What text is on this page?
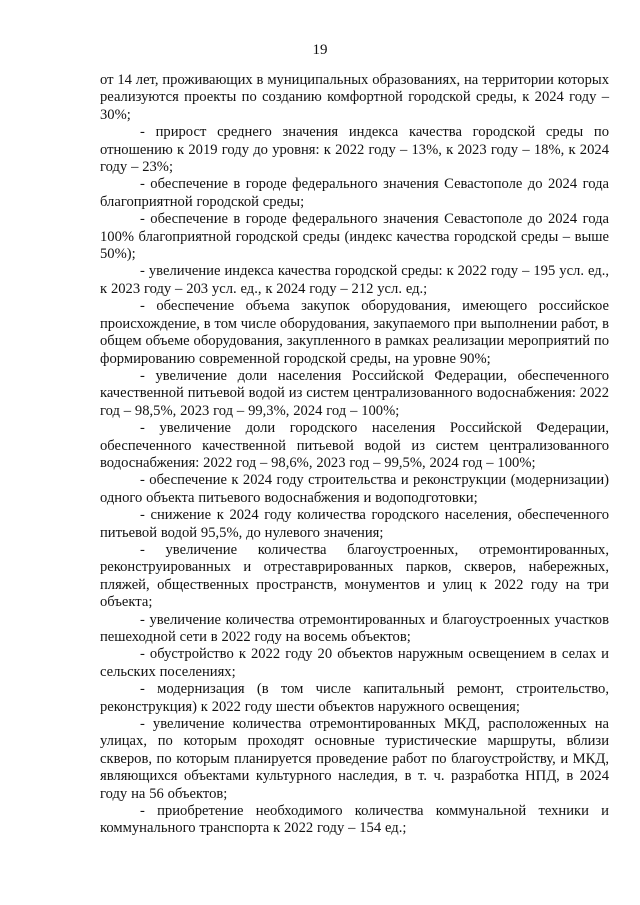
19

от 14 лет, проживающих в муниципальных образованиях, на территории которых реализуются проекты по созданию комфортной городской среды, к 2024 году – 30%;

- прирост среднего значения индекса качества городской среды по отношению к 2019 году до уровня: к 2022 году – 13%, к 2023 году – 18%, к 2024 году – 23%;

- обеспечение в городе федерального значения Севастополе до 2024 года благоприятной городской среды;

- обеспечение в городе федерального значения Севастополе до 2024 года 100% благоприятной городской среды (индекс качества городской среды – выше 50%);

- увеличение индекса качества городской среды: к 2022 году – 195 усл. ед., к 2023 году – 203 усл. ед., к 2024 году – 212 усл. ед.;

- обеспечение объема закупок оборудования, имеющего российское происхождение, в том числе оборудования, закупаемого при выполнении работ, в общем объеме оборудования, закупленного в рамках реализации мероприятий по формированию современной городской среды, на уровне 90%;

- увеличение доли населения Российской Федерации, обеспеченного качественной питьевой водой из систем централизованного водоснабжения: 2022 год – 98,5%, 2023 год – 99,3%, 2024 год – 100%;

- увеличение доли городского населения Российской Федерации, обеспеченного качественной питьевой водой из систем централизованного водоснабжения: 2022 год – 98,6%, 2023 год – 99,5%, 2024 год – 100%;

- обеспечение к 2024 году строительства и реконструкции (модернизации) одного объекта питьевого водоснабжения и водоподготовки;

- снижение к 2024 году количества городского населения, обеспеченного питьевой водой 95,5%, до нулевого значения;

- увеличение количества благоустроенных, отремонтированных, реконструированных и отреставрированных парков, скверов, набережных, пляжей, общественных пространств, монументов и улиц к 2022 году на три объекта;

- увеличение количества отремонтированных и благоустроенных участков пешеходной сети в 2022 году на восемь объектов;

- обустройство к 2022 году 20 объектов наружным освещением в селах и сельских поселениях;

- модернизация (в том числе капитальный ремонт, строительство, реконструкция) к 2022 году шести объектов наружного освещения;

- увеличение количества отремонтированных МКД, расположенных на улицах, по которым проходят основные туристические маршруты, вблизи скверов, по которым планируется проведение работ по благоустройству, и МКД, являющихся объектами культурного наследия, в т. ч. разработка НПД, в 2024 году на 56 объектов;

- приобретение необходимого количества коммунальной техники и коммунального транспорта к 2022 году – 154 ед.;
